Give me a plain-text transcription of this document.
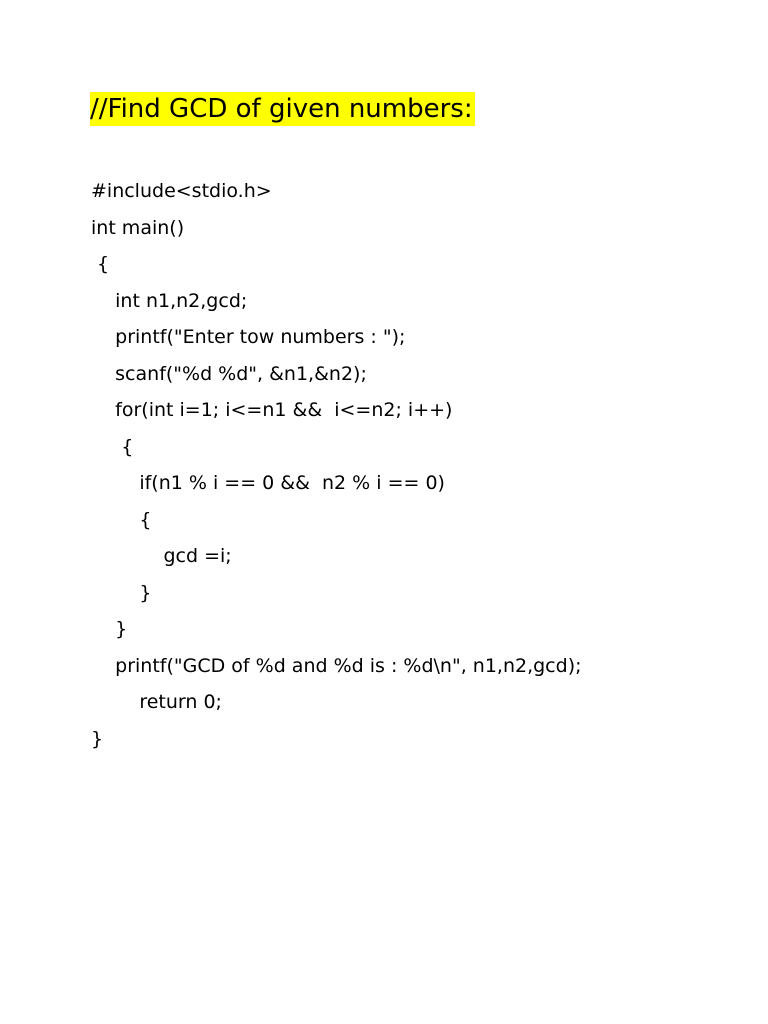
//Find GCD of given numbers:
#include<stdio.h>
int main()
{
int n1,n2,gcd;
printf("Enter tow numbers : ");
scanf("%d %d", &n1,&n2);
for(int i=1; i<=n1 &&  i<=n2; i++)
{
if(n1 % i == 0 &&  n2 % i == 0)
{
gcd =i;
}
}
printf("GCD of %d and %d is : %d\n", n1,n2,gcd);
return 0;
}
